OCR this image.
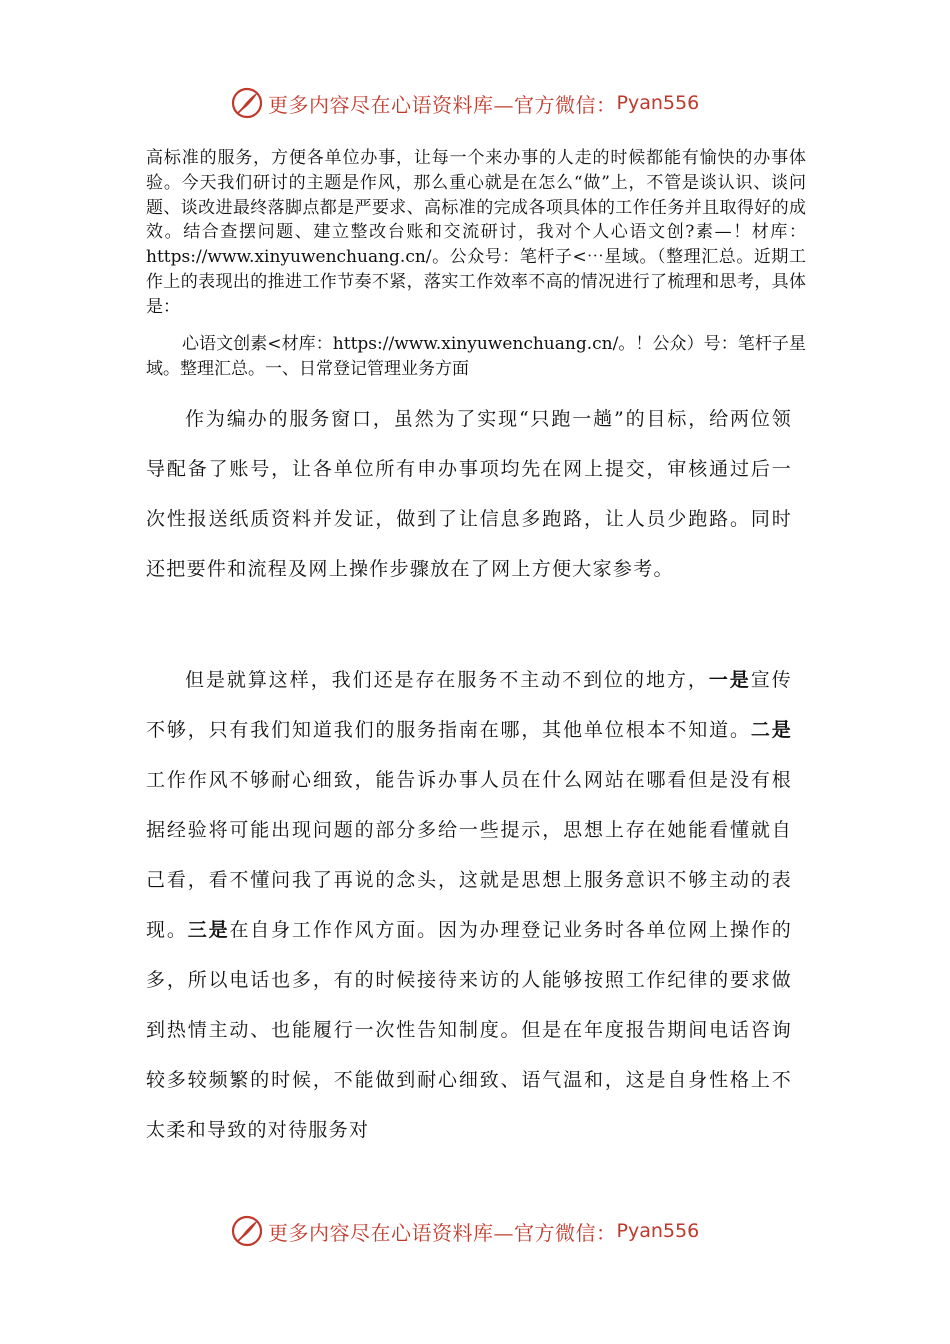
更多内容尽在心语资料库—官方微信： Pyan556

高标准的服务，方便各单位办事，让每一个来办事的人走的时候都能有愉快的办事体验。今天我们研讨的主题是作风，那么重心就是在怎么“做”上，不管是谈认识、谈问题、谈改进最终落脚点都是严要求、高标准的完成各项具体的工作任务并且取得好的成效。结合查摆问题、建立整改台账和交流研讨，我对个人心语文创?素—！材库：https://www.xinyuwenchuang.cn/。公众号：笔杆子<⋯星域。（整理汇总。近期工作上的表现出的推进工作节奏不紧，落实工作效率不高的情况进行了梳理和思考，具体是：

心语文创素<材库：https://www.xinyuwenchuang.cn/。！公众）号：笔杆子星域。整理汇总。一、日常登记管理业务方面

作为编办的服务窗口，虽然为了实现“只跑一趟”的目标，给两位领导配备了账号，让各单位所有申办事项均先在网上提交，审核通过后一次性报送纸质资料并发证，做到了让信息多跑路，让人员少跑路。同时还把要件和流程及网上操作步骤放在了网上方便大家参考。

但是就算这样，我们还是存在服务不主动不到位的地方，一是宣传不够，只有我们知道我们的服务指南在哪，其他单位根本不知道。二是工作作风不够耐心细致，能告诉办事人员在什么网站在哪看但是没有根据经验将可能出现问题的部分多给一些提示，思想上存在她能看懂就自己看，看不懂问我了再说的念头，这就是思想上服务意识不够主动的表现。三是在自身工作作风方面。因为办理登记业务时各单位网上操作的多，所以电话也多，有的时候接待来访的人能够按照工作纪律的要求做到热情主动、也能履行一次性告知制度。但是在年度报告期间电话咨询较多较频繁的时候，不能做到耐心细致、语气温和，这是自身性格上不太柔和导致的对待服务对

更多内容尽在心语资料库—官方微信： Pyan556
